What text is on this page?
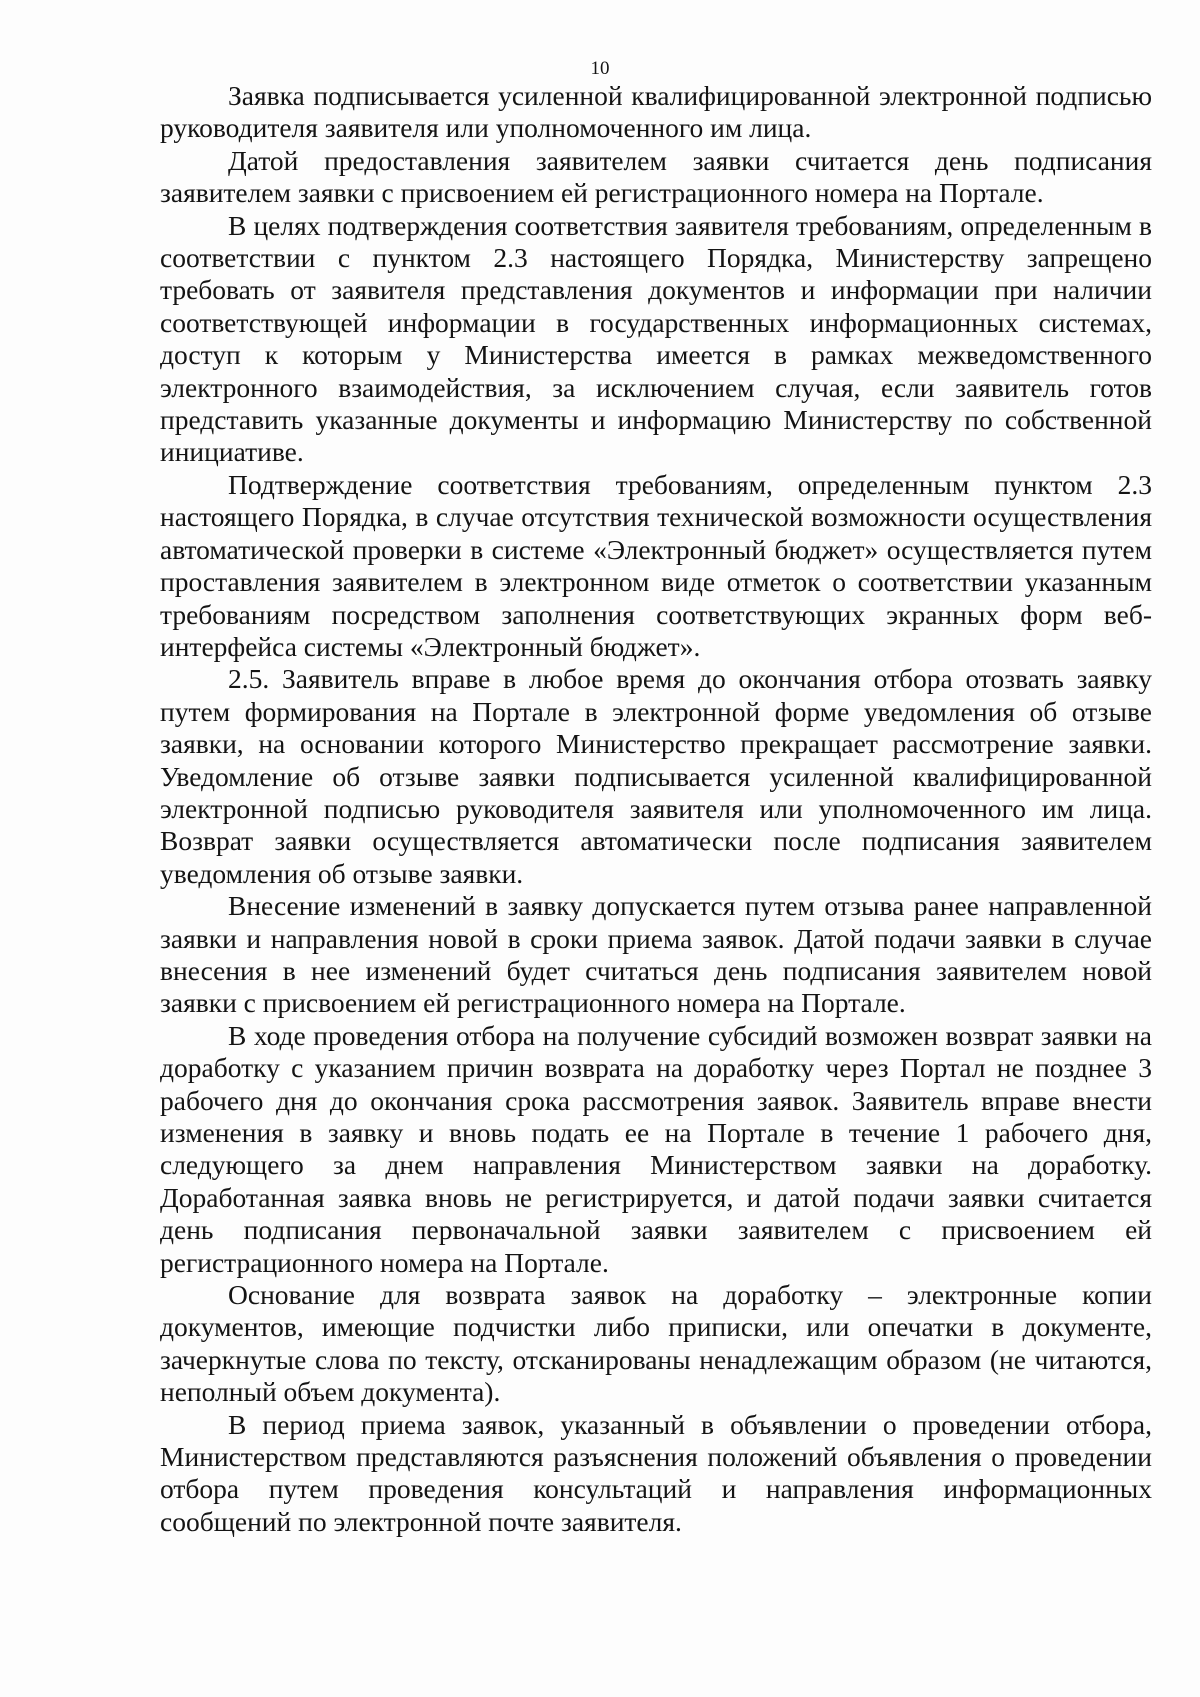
10

Заявка подписывается усиленной квалифицированной электронной подписью руководителя заявителя или уполномоченного им лица.

Датой предоставления заявителем заявки считается день подписания заявителем заявки с присвоением ей регистрационного номера на Портале.

В целях подтверждения соответствия заявителя требованиям, определенным в соответствии с пунктом 2.3 настоящего Порядка, Министерству запрещено требовать от заявителя представления документов и информации при наличии соответствующей информации в государственных информационных системах, доступ к которым у Министерства имеется в рамках межведомственного электронного взаимодействия, за исключением случая, если заявитель готов представить указанные документы и информацию Министерству по собственной инициативе.

Подтверждение соответствия требованиям, определенным пунктом 2.3 настоящего Порядка, в случае отсутствия технической возможности осуществления автоматической проверки в системе «Электронный бюджет» осуществляется путем проставления заявителем в электронном виде отметок о соответствии указанным требованиям посредством заполнения соответствующих экранных форм веб-интерфейса системы «Электронный бюджет».

2.5. Заявитель вправе в любое время до окончания отбора отозвать заявку путем формирования на Портале в электронной форме уведомления об отзыве заявки, на основании которого Министерство прекращает рассмотрение заявки. Уведомление об отзыве заявки подписывается усиленной квалифицированной электронной подписью руководителя заявителя или уполномоченного им лица. Возврат заявки осуществляется автоматически после подписания заявителем уведомления об отзыве заявки.

Внесение изменений в заявку допускается путем отзыва ранее направленной заявки и направления новой в сроки приема заявок. Датой подачи заявки в случае внесения в нее изменений будет считаться день подписания заявителем новой заявки с присвоением ей регистрационного номера на Портале.

В ходе проведения отбора на получение субсидий возможен возврат заявки на доработку с указанием причин возврата на доработку через Портал не позднее 3 рабочего дня до окончания срока рассмотрения заявок. Заявитель вправе внести изменения в заявку и вновь подать ее на Портале в течение 1 рабочего дня, следующего за днем направления Министерством заявки на доработку. Доработанная заявка вновь не регистрируется, и датой подачи заявки считается день подписания первоначальной заявки заявителем с присвоением ей регистрационного номера на Портале.

Основание для возврата заявок на доработку – электронные копии документов, имеющие подчистки либо приписки, или опечатки в документе, зачеркнутые слова по тексту, отсканированы ненадлежащим образом (не читаются, неполный объем документа).

В период приема заявок, указанный в объявлении о проведении отбора, Министерством представляются разъяснения положений объявления о проведении отбора путем проведения консультаций и направления информационных сообщений по электронной почте заявителя.
